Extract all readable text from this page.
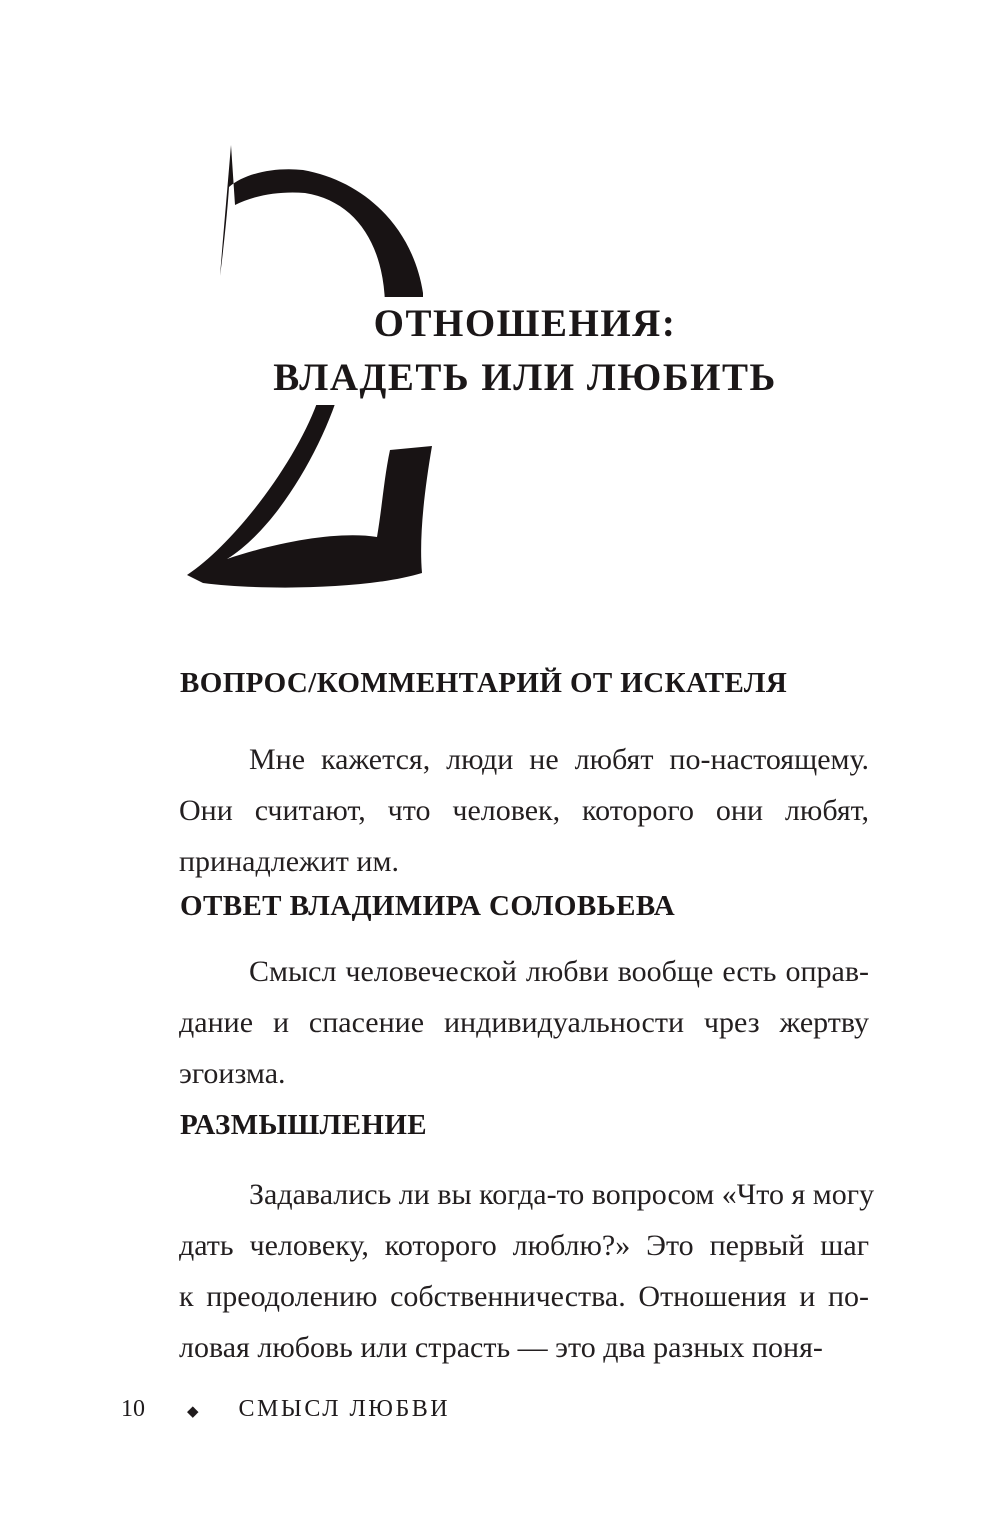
ОТНОШЕНИЯ:
ВЛАДЕТЬ ИЛИ ЛЮБИТЬ
ВОПРОС/КОММЕНТАРИЙ ОТ ИСКАТЕЛЯ
Мне кажется, люди не любят по-настоящему.
Они считают, что человек, которого они любят,
принадлежит им.
ОТВЕТ ВЛАДИМИРА СОЛОВЬЕВА
Смысл человеческой любви вообще есть оправ-
дание и спасение индивидуальности чрез жертву
эгоизма.
РАЗМЫШЛЕНИЕ
Задавались ли вы когда-то вопросом «Что я могу
дать человеку, которого люблю?» Это первый шаг
к преодолению собственничества. Отношения и по-
ловая любовь или страсть — это два разных поня-
10	◆ СМЫСЛ ЛЮБВИ
